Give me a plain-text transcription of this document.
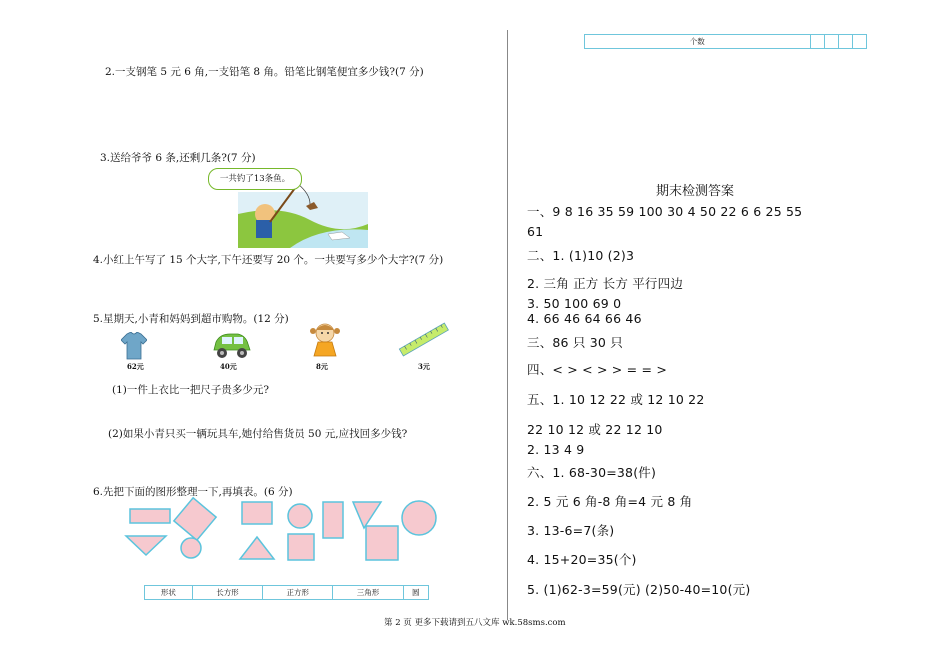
2.一支钢笔 5 元 6 角,一支铅笔 8 角。铅笔比钢笔便宜多少钱?(7 分)
3.送给爷爷 6 条,还剩几条?(7 分)
一共钓了13条鱼。
4.小红上午写了 15 个大字,下午还要写 20 个。一共要写多少个大字?(7 分)
5.星期天,小青和妈妈到超市购物。(12 分)
62元	40元	8元	3元
(1)一件上衣比一把尺子贵多少元?
(2)如果小青只买一辆玩具车,她付给售货员 50 元,应找回多少钱?
6.先把下面的图形整理一下,再填表。(6 分)
形状	长方形	正方形	三角形	圆
个数				
期末检测答案
一、9 8 16 35 59 100 30 4 50 22 6 6 25 55
61
二、1. (1)10 (2)3
2. 三角 正方 长方 平行四边
3. 50 100 69 0
4. 66 46 64 66 46
三、86 只 30 只
四、< > < > > = = >
五、1. 10 12 22 或 12 10 22
22 10 12 或 22 12 10
2. 13 4 9
六、1. 68-30=38(件)
2. 5 元 6 角-8 角=4 元 8 角
3. 13-6=7(条)
4. 15+20=35(个)
5. (1)62-3=59(元) (2)50-40=10(元)
第 2 页 更多下载请到五八文库 wk.58sms.com
